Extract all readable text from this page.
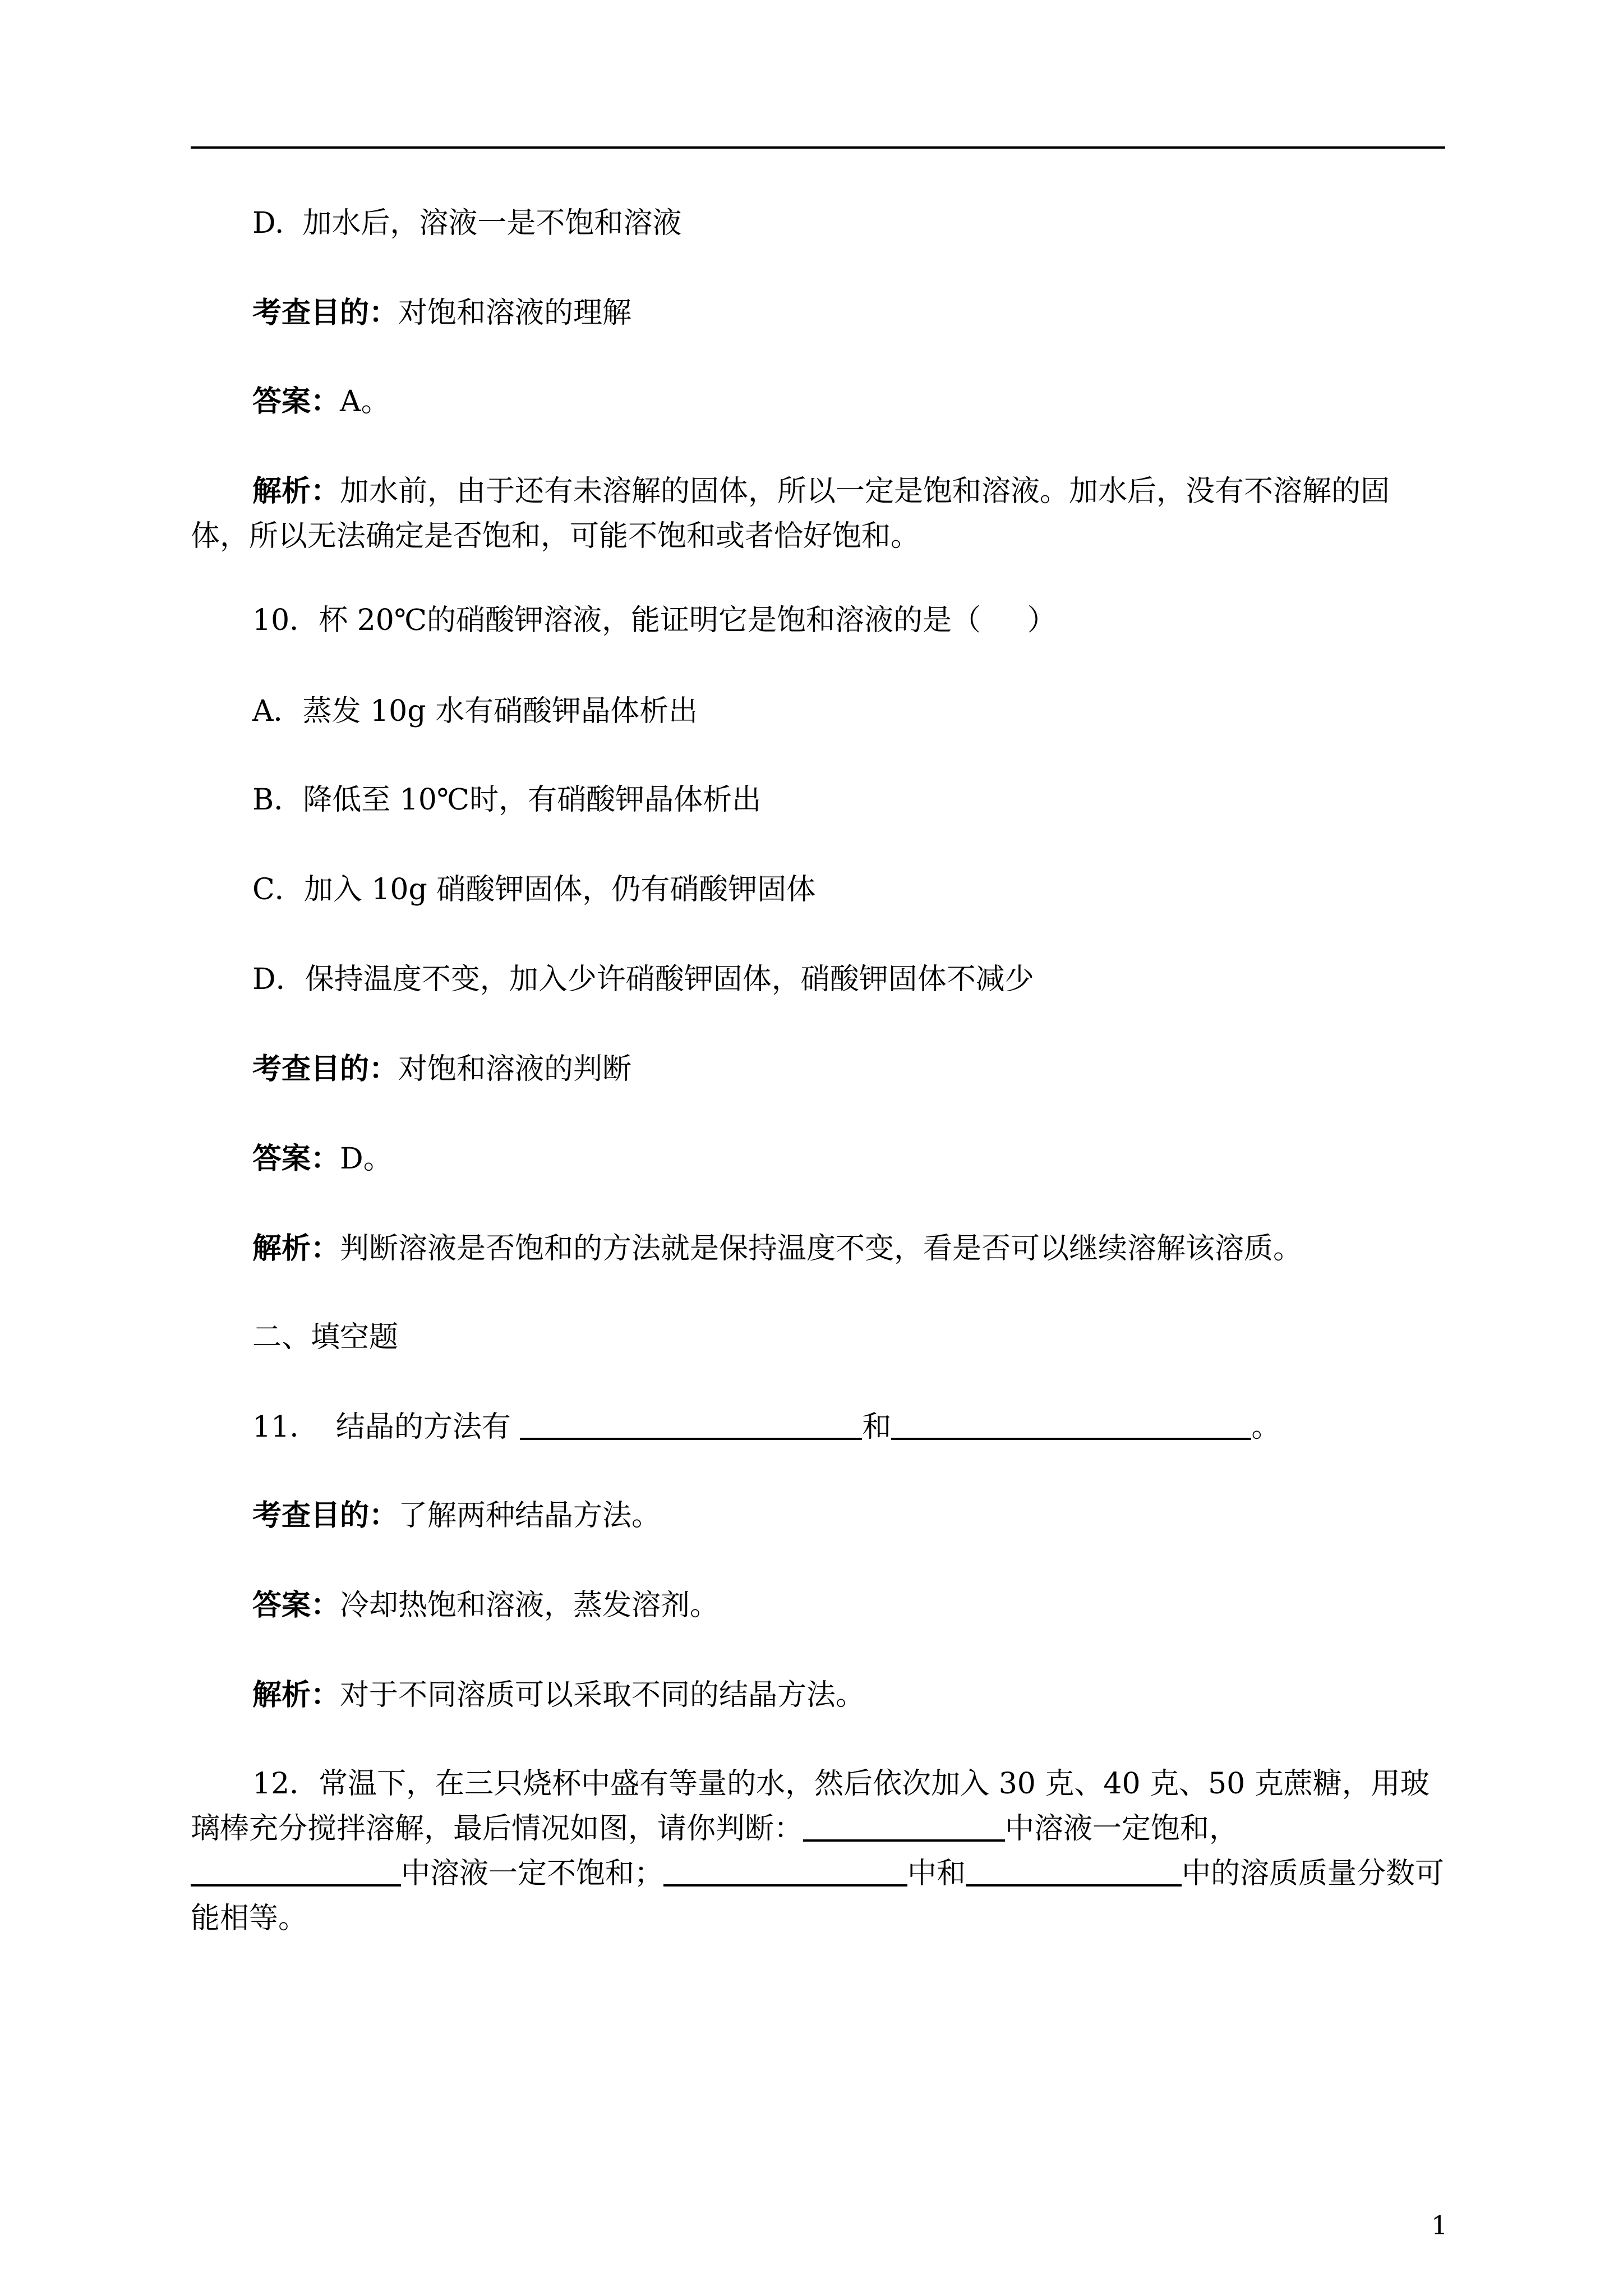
D.  加水后，溶液一是不饱和溶液
考查目的：对饱和溶液的理解
答案：A。
解析：加水前，由于还有未溶解的固体，所以一定是饱和溶液。加水后，没有不溶解的固体，所以无法确定是否饱和，可能不饱和或者恰好饱和。
10．杯 20℃的硝酸钾溶液，能证明它是饱和溶液的是（     ）
A．蒸发 10g 水有硝酸钾晶体析出
B．降低至 10℃时，有硝酸钾晶体析出
C．加入 10g 硝酸钾固体，仍有硝酸钾固体
D．保持温度不变，加入少许硝酸钾固体，硝酸钾固体不减少
考查目的：对饱和溶液的判断
答案：D。
解析：判断溶液是否饱和的方法就是保持温度不变，看是否可以继续溶解该溶质。
二、填空题
11.    结晶的方法有	和	。
考查目的：了解两种结晶方法。
答案：冷却热饱和溶液，蒸发溶剂。
解析：对于不同溶质可以采取不同的结晶方法。
12．常温下，在三只烧杯中盛有等量的水，然后依次加入 30 克、40 克、50 克蔗糖，用玻璃棒充分搅拌溶解，最后情况如图，请你判断：	中溶液一定饱和，中溶液一定不饱和；	中和	中的溶质质量分数可能相等。
1
